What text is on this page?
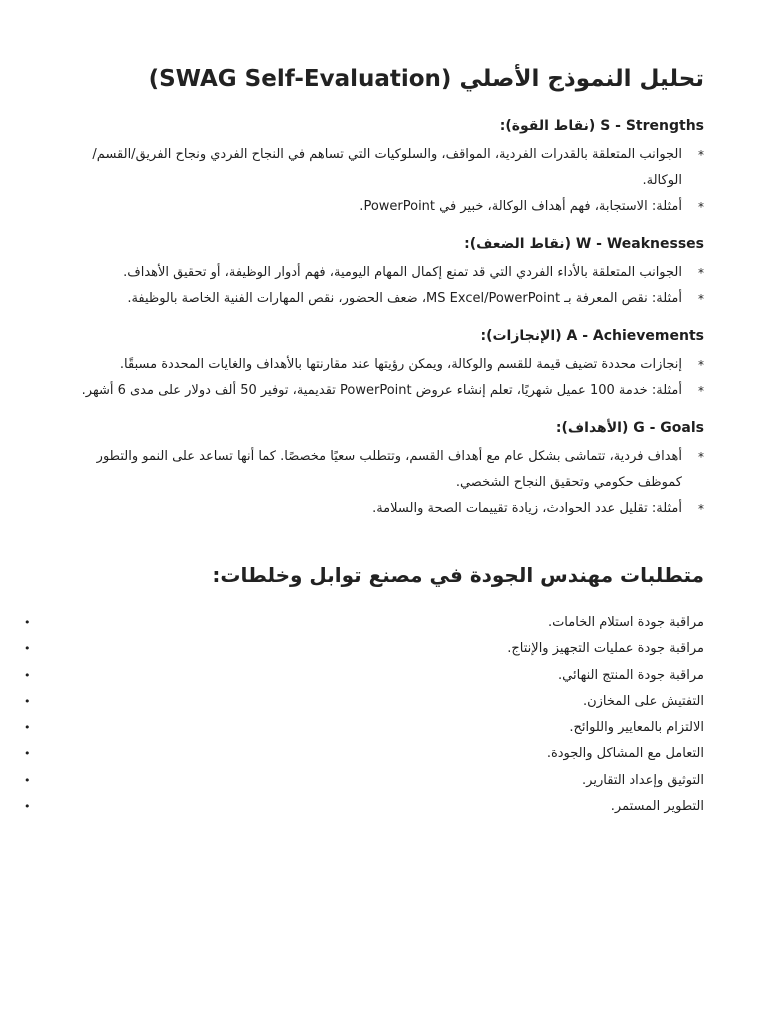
تحليل النموذج الأصلي (SWAG Self-Evaluation)
S - Strengths (نقاط القوة):

*
الجوانب المتعلقة بالقدرات الفردية، المواقف، والسلوكيات التي تساهم في النجاح الفردي ونجاح الفريق/القسم/الوكالة.

*
أمثلة: الاستجابة، فهم أهداف الوكالة، خبير في PowerPoint.

W - Weaknesses (نقاط الضعف):

*
الجوانب المتعلقة بالأداء الفردي التي قد تمنع إكمال المهام اليومية، فهم أدوار الوظيفة، أو تحقيق الأهداف.

*
أمثلة: نقص المعرفة بـ MS Excel/PowerPoint، ضعف الحضور، نقص المهارات الفنية الخاصة بالوظيفة.

A - Achievements (الإنجازات):

*
إنجازات محددة تضيف قيمة للقسم والوكالة، ويمكن رؤيتها عند مقارنتها بالأهداف والغايات المحددة مسبقًا.

*
أمثلة: خدمة 100 عميل شهريًا، تعلم إنشاء عروض PowerPoint تقديمية، توفير 50 ألف دولار على مدى 6 أشهر.

G - Goals (الأهداف):

*
أهداف فردية، تتماشى بشكل عام مع أهداف القسم، وتتطلب سعيًا مخصصًا. كما أنها تساعد على النمو والتطور كموظف حكومي وتحقيق النجاح الشخصي.

*
أمثلة: تقليل عدد الحوادث، زيادة تقييمات الصحة والسلامة.

متطلبات مهندس الجودة في مصنع توابل وخلطات:
•	مراقبة جودة استلام الخامات.
•	مراقبة جودة عمليات التجهيز والإنتاج.
•	مراقبة جودة المنتج النهائي.
•	التفتيش على المخازن.
•	الالتزام بالمعايير واللوائح.
•	التعامل مع المشاكل والجودة.
•	التوثيق وإعداد التقارير.
•	التطوير المستمر.
